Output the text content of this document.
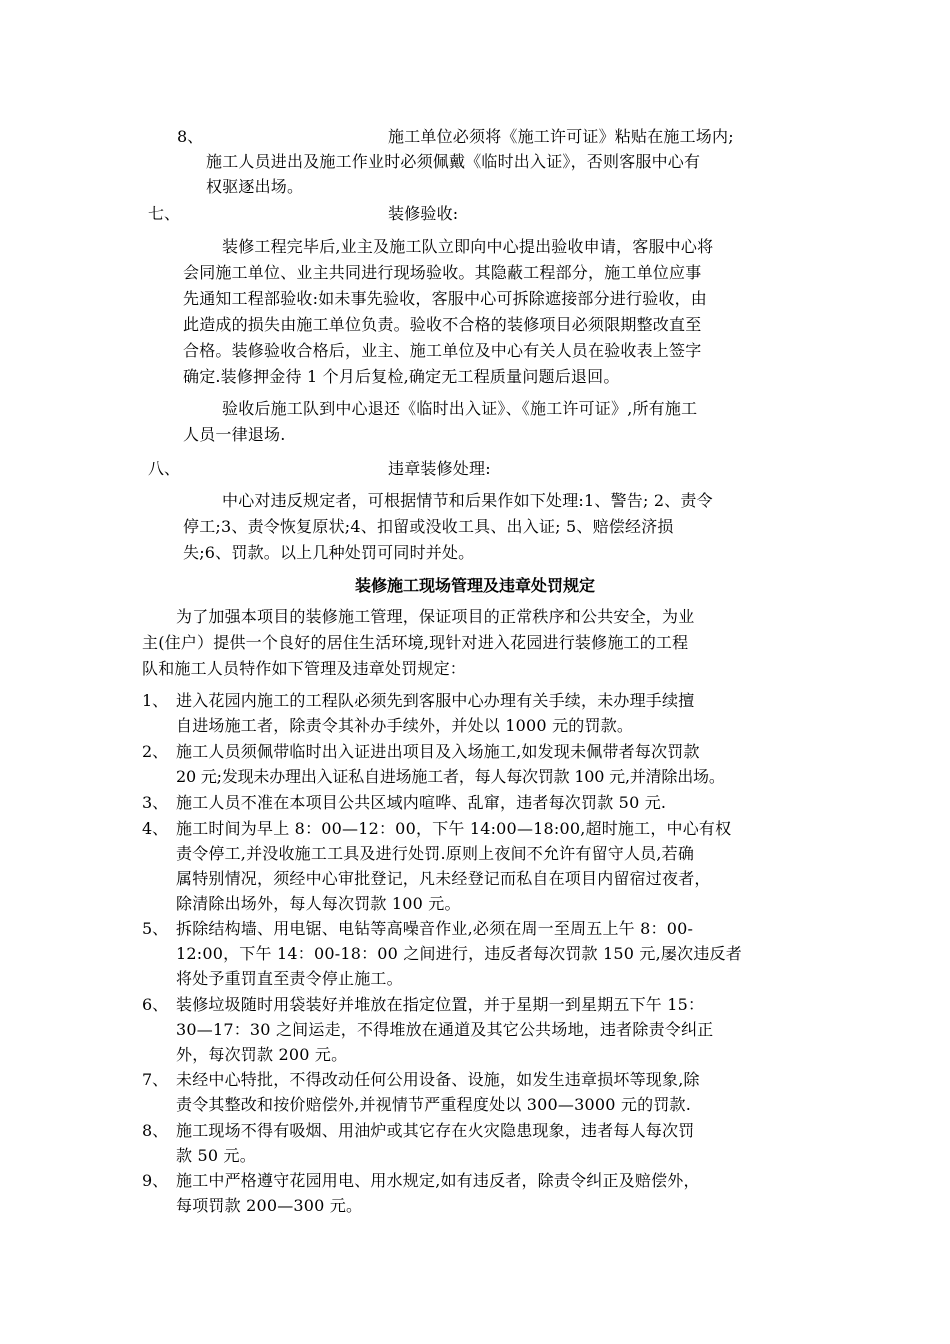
8、	施工单位必须将《施工许可证》粘贴在施工场内;
施工人员进出及施工作业时必须佩戴《临时出入证》，否则客服中心有
权驱逐出场。
七、	装修验收:
装修工程完毕后,业主及施工队立即向中心提出验收申请，客服中心将
会同施工单位、业主共同进行现场验收。其隐蔽工程部分，施工单位应事
先通知工程部验收:如未事先验收，客服中心可拆除遮接部分进行验收，由
此造成的损失由施工单位负责。验收不合格的装修项目必须限期整改直至
合格。装修验收合格后，业主、施工单位及中心有关人员在验收表上签字
确定.装修押金待 1 个月后复检,确定无工程质量问题后退回。
验收后施工队到中心退还《临时出入证》、《施工许可证》,所有施工
人员一律退场.
八、	违章装修处理:
中心对违反规定者，可根据情节和后果作如下处理:1、警告; 2、责令
停工;3、责令恢复原状;4、扣留或没收工具、出入证; 5、赔偿经济损
失;6、罚款。以上几种处罚可同时并处。
装修施工现场管理及违章处罚规定
为了加强本项目的装修施工管理，保证项目的正常秩序和公共安全，为业
主(住户）提供一个良好的居住生活环境,现针对进入花园进行装修施工的工程
队和施工人员特作如下管理及违章处罚规定：
1、 进入花园内施工的工程队必须先到客服中心办理有关手续，未办理手续擅
自进场施工者，除责令其补办手续外，并处以 1000 元的罚款。
2、 施工人员须佩带临时出入证进出项目及入场施工,如发现未佩带者每次罚款
20 元;发现未办理出入证私自进场施工者，每人每次罚款 100 元,并清除出场。
3、 施工人员不准在本项目公共区域内喧哗、乱窜，违者每次罚款 50 元.
4、 施工时间为早上 8：00—12：00，下午 14:00—18:00,超时施工，中心有权
责令停工,并没收施工工具及进行处罚.原则上夜间不允许有留守人员,若确
属特别情况，须经中心审批登记，凡未经登记而私自在项目内留宿过夜者，
除清除出场外，每人每次罚款 100 元。
5、 拆除结构墙、用电锯、电钻等高噪音作业,必须在周一至周五上午 8：00-
12:00，下午 14：00-18：00 之间进行，违反者每次罚款 150 元,屡次违反者
将处予重罚直至责令停止施工。
6、 装修垃圾随时用袋装好并堆放在指定位置，并于星期一到星期五下午 15：
30—17：30 之间运走，不得堆放在通道及其它公共场地，违者除责令纠正
外，每次罚款 200 元。
7、 未经中心特批，不得改动任何公用设备、设施，如发生违章损坏等现象,除
责令其整改和按价赔偿外,并视情节严重程度处以 300—3000 元的罚款.
8、 施工现场不得有吸烟、用油炉或其它存在火灾隐患现象，违者每人每次罚
款 50 元。
9、 施工中严格遵守花园用电、用水规定,如有违反者，除责令纠正及赔偿外，
每项罚款 200—300 元。
